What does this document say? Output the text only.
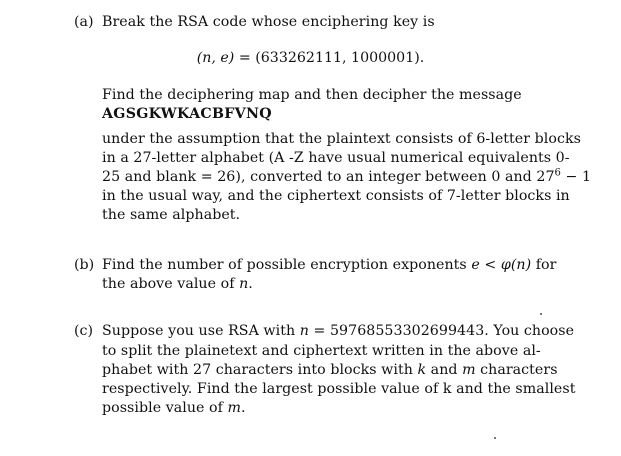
(a) Break the RSA code whose enciphering key is
(n, e) = (633262111, 1000001).
Find the deciphering map and then decipher the message
AGSGKWKACBFVNQ
under the assumption that the plaintext consists of 6-letter blocks
in a 27-letter alphabet (A -Z have usual numerical equivalents 0-
25 and blank = 26), converted to an integer between 0 and $27^6 - 1$
in the usual way, and the ciphertext consists of 7-letter blocks in
the same alphabet.
(b) Find the number of possible encryption exponents e < φ(n) for
the above value of n.
(c) Suppose you use RSA with n = 59768553302699443. You choose
to split the plainetext and ciphertext written in the above al-
phabet with 27 characters into blocks with k and m characters
respectively. Find the largest possible value of k and the smallest
possible value of m.
